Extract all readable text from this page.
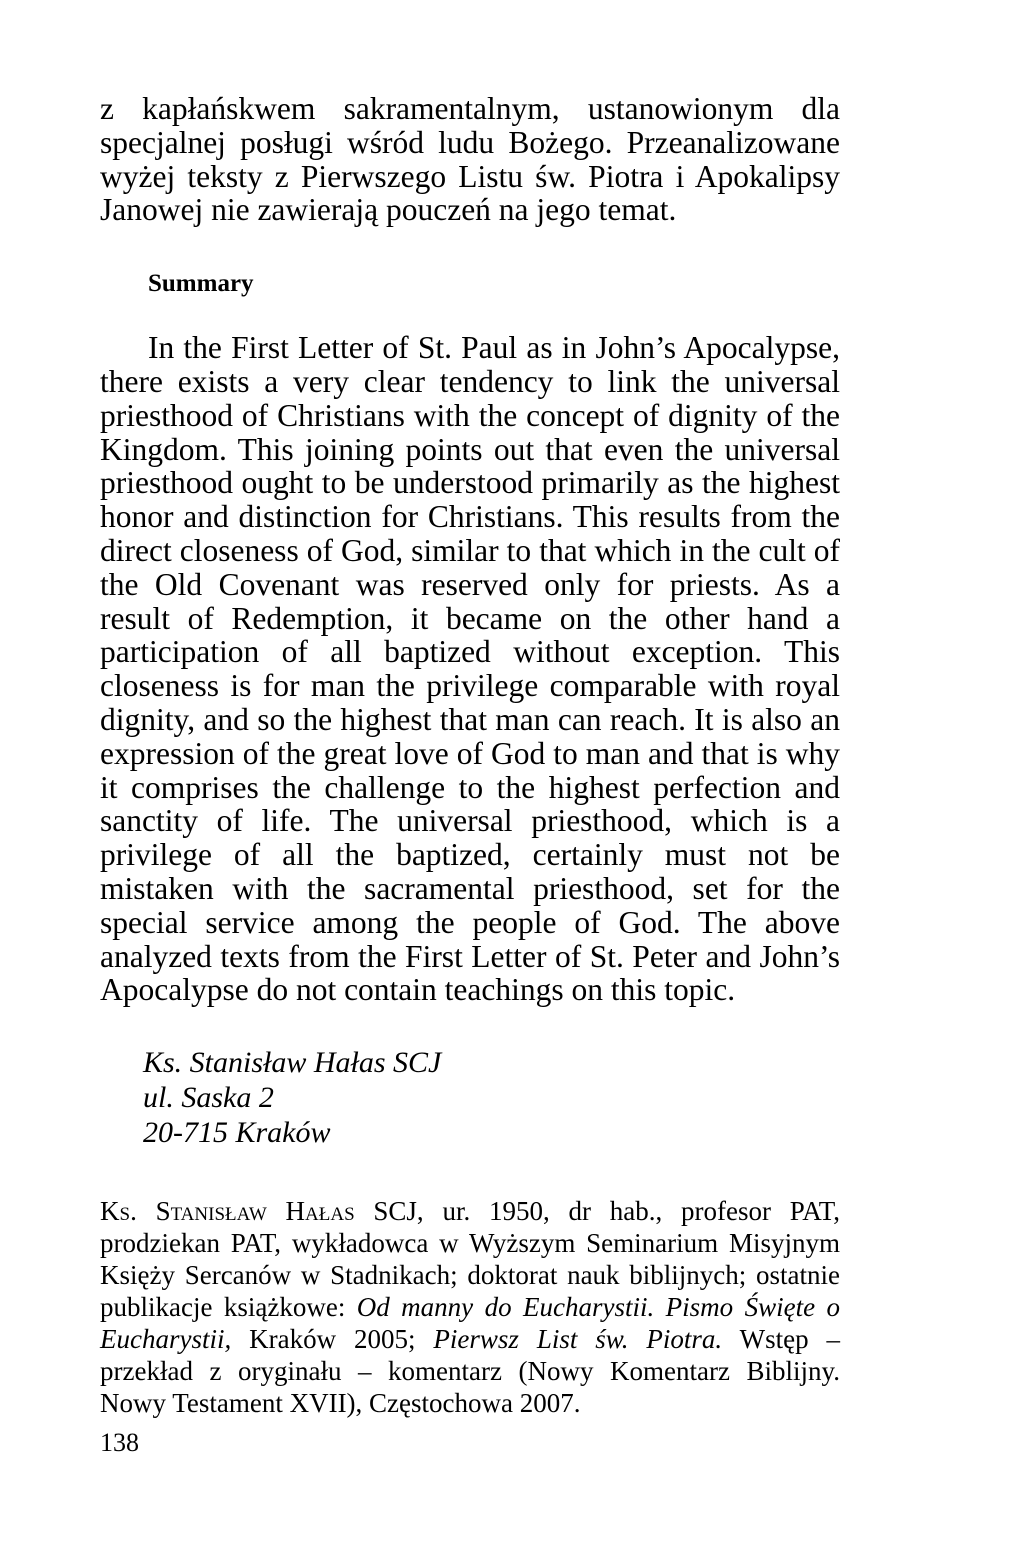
z kapłańskwem sakramentalnym, ustanowionym dla specjalnej posługi wśród ludu Bożego. Przeanalizowane wyżej teksty z Pierwszego Listu św. Piotra i Apokalipsy Janowej nie zawierają pouczeń na jego temat.

Summary

In the First Letter of St. Paul as in John’s Apocalypse, there exists a very clear tendency to link the universal priesthood of Christians with the concept of dignity of the Kingdom. This joining points out that even the universal priesthood ought to be understood primarily as the highest honor and distinction for Christians. This results from the direct closeness of God, similar to that which in the cult of the Old Covenant was reserved only for priests. As a result of Redemption, it became on the other hand a participation of all baptized without exception. This closeness is for man the privilege comparable with royal dignity, and so the highest that man can reach. It is also an expression of the great love of God to man and that is why it comprises the challenge to the highest perfection and sanctity of life. The universal priesthood, which is a privilege of all the baptized, certainly must not be mistaken with the sacramental priesthood, set for the special service among the people of God. The above analyzed texts from the First Letter of St. Peter and John’s Apocalypse do not contain teachings on this topic.

Ks. Stanisław Hałas SCJ
ul. Saska 2
20-715 Kraków

Ks. Stanisław Hałas SCJ, ur. 1950, dr hab., profesor PAT, prodziekan PAT, wykładowca w Wyższym Seminarium Misyjnym Księży Sercanów w Stadnikach; doktorat nauk biblijnych; ostatnie publikacje książkowe: Od manny do Eucharystii. Pismo Święte o Eucharystii, Kraków 2005; Pierwsz List św. Piotra. Wstęp – przekład z oryginału – komentarz (Nowy Komentarz Biblijny. Nowy Testament XVII), Częstochowa 2007.

138
